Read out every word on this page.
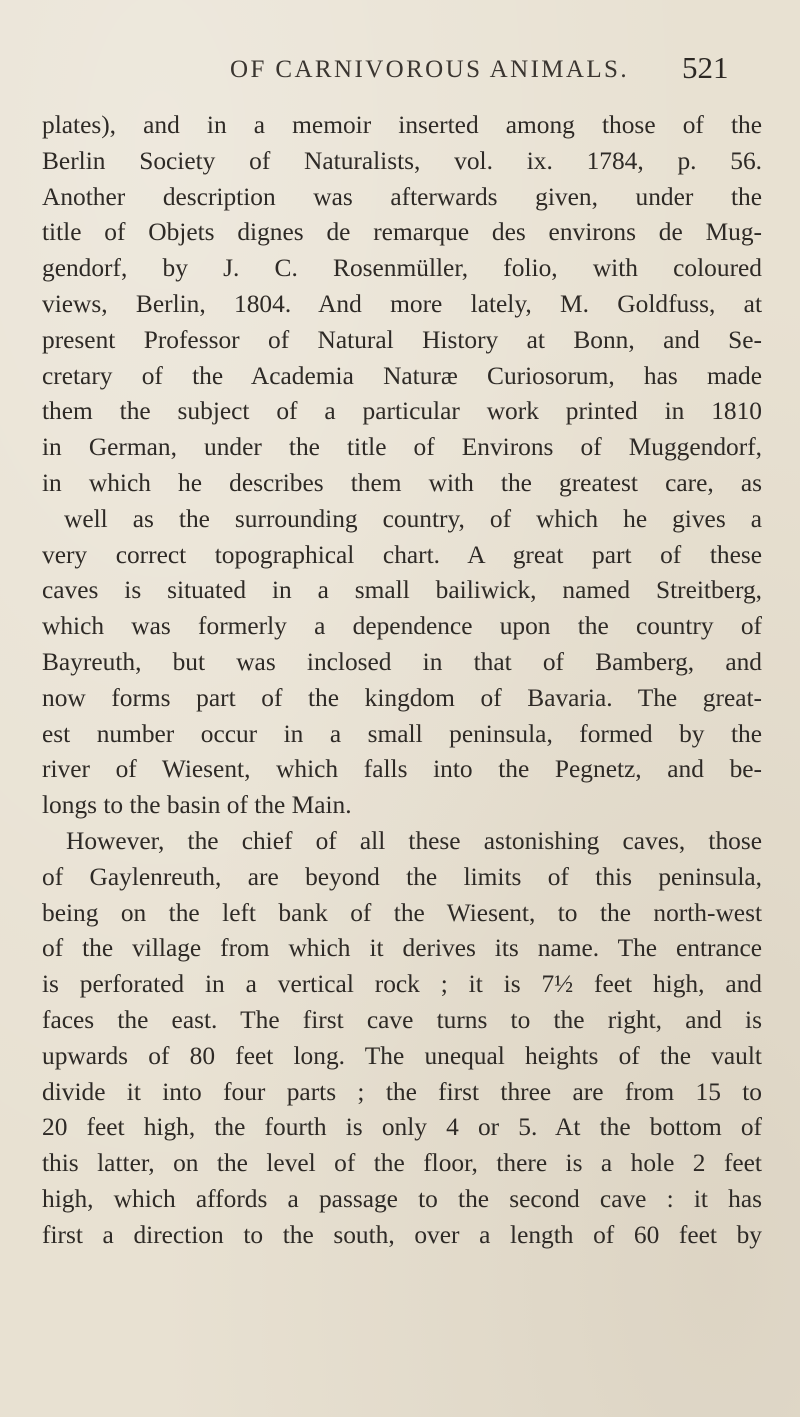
OF CARNIVOROUS ANIMALS. 521
plates), and in a memoir inserted among those of the
Berlin Society of Naturalists, vol. ix. 1784, p. 56.
Another description was afterwards given, under the
title of Objets dignes de remarque des environs de Mug-
gendorf, by J. C. Rosenmüller, folio, with coloured
views, Berlin, 1804. And more lately, M. Goldfuss, at
present Professor of Natural History at Bonn, and Se-
cretary of the Academia Naturæ Curiosorum, has made
them the subject of a particular work printed in 1810
in German, under the title of Environs of Muggendorf,
in which he describes them with the greatest care, as
well as the surrounding country, of which he gives a
very correct topographical chart. A great part of these
caves is situated in a small bailiwick, named Streitberg,
which was formerly a dependence upon the country of
Bayreuth, but was inclosed in that of Bamberg, and
now forms part of the kingdom of Bavaria. The great-
est number occur in a small peninsula, formed by the
river of Wiesent, which falls into the Pegnetz, and be-
longs to the basin of the Main.
However, the chief of all these astonishing caves, those
of Gaylenreuth, are beyond the limits of this peninsula,
being on the left bank of the Wiesent, to the north-west
of the village from which it derives its name. The entrance
is perforated in a vertical rock ; it is 7½ feet high, and
faces the east. The first cave turns to the right, and is
upwards of 80 feet long. The unequal heights of the vault
divide it into four parts ; the first three are from 15 to
20 feet high, the fourth is only 4 or 5. At the bottom of
this latter, on the level of the floor, there is a hole 2 feet
high, which affords a passage to the second cave : it has
first a direction to the south, over a length of 60 feet by
